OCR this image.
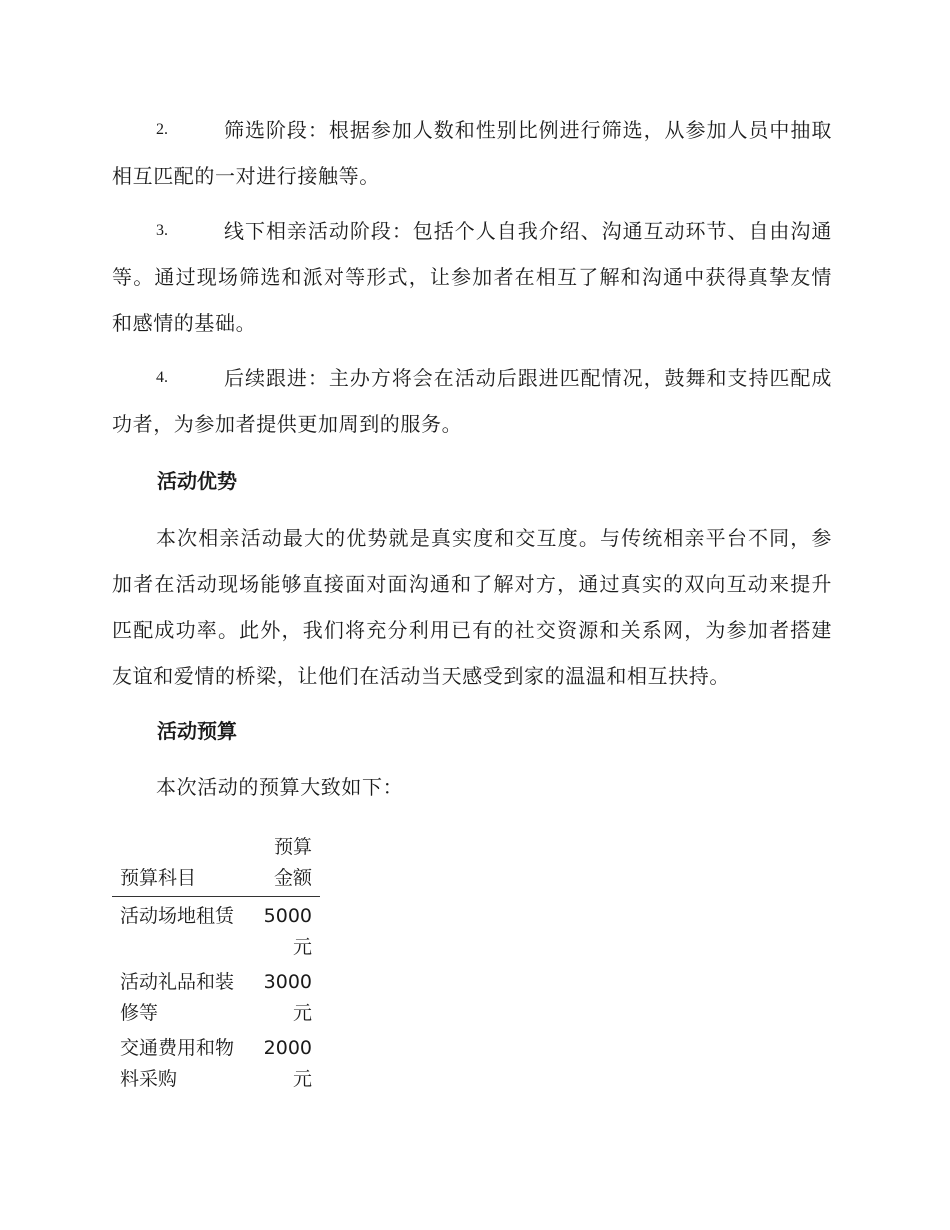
2.	筛选阶段：根据参加人数和性别比例进行筛选，从参加人员中抽取相互匹配的一对进行接触等。
3.	线下相亲活动阶段：包括个人自我介绍、沟通互动环节、自由沟通等。通过现场筛选和派对等形式，让参加者在相互了解和沟通中获得真挚友情和感情的基础。
4.	后续跟进：主办方将会在活动后跟进匹配情况，鼓舞和支持匹配成功者，为参加者提供更加周到的服务。
活动优势
本次相亲活动最大的优势就是真实度和交互度。与传统相亲平台不同，参加者在活动现场能够直接面对面沟通和了解对方，通过真实的双向互动来提升匹配成功率。此外，我们将充分利用已有的社交资源和关系网，为参加者搭建友谊和爱情的桥梁，让他们在活动当天感受到家的温温和相互扶持。
活动预算
本次活动的预算大致如下：
预算科目	预算金额
活动场地租赁	5000元
活动礼品和装修等	3000元
交通费用和物料采购	2000元
